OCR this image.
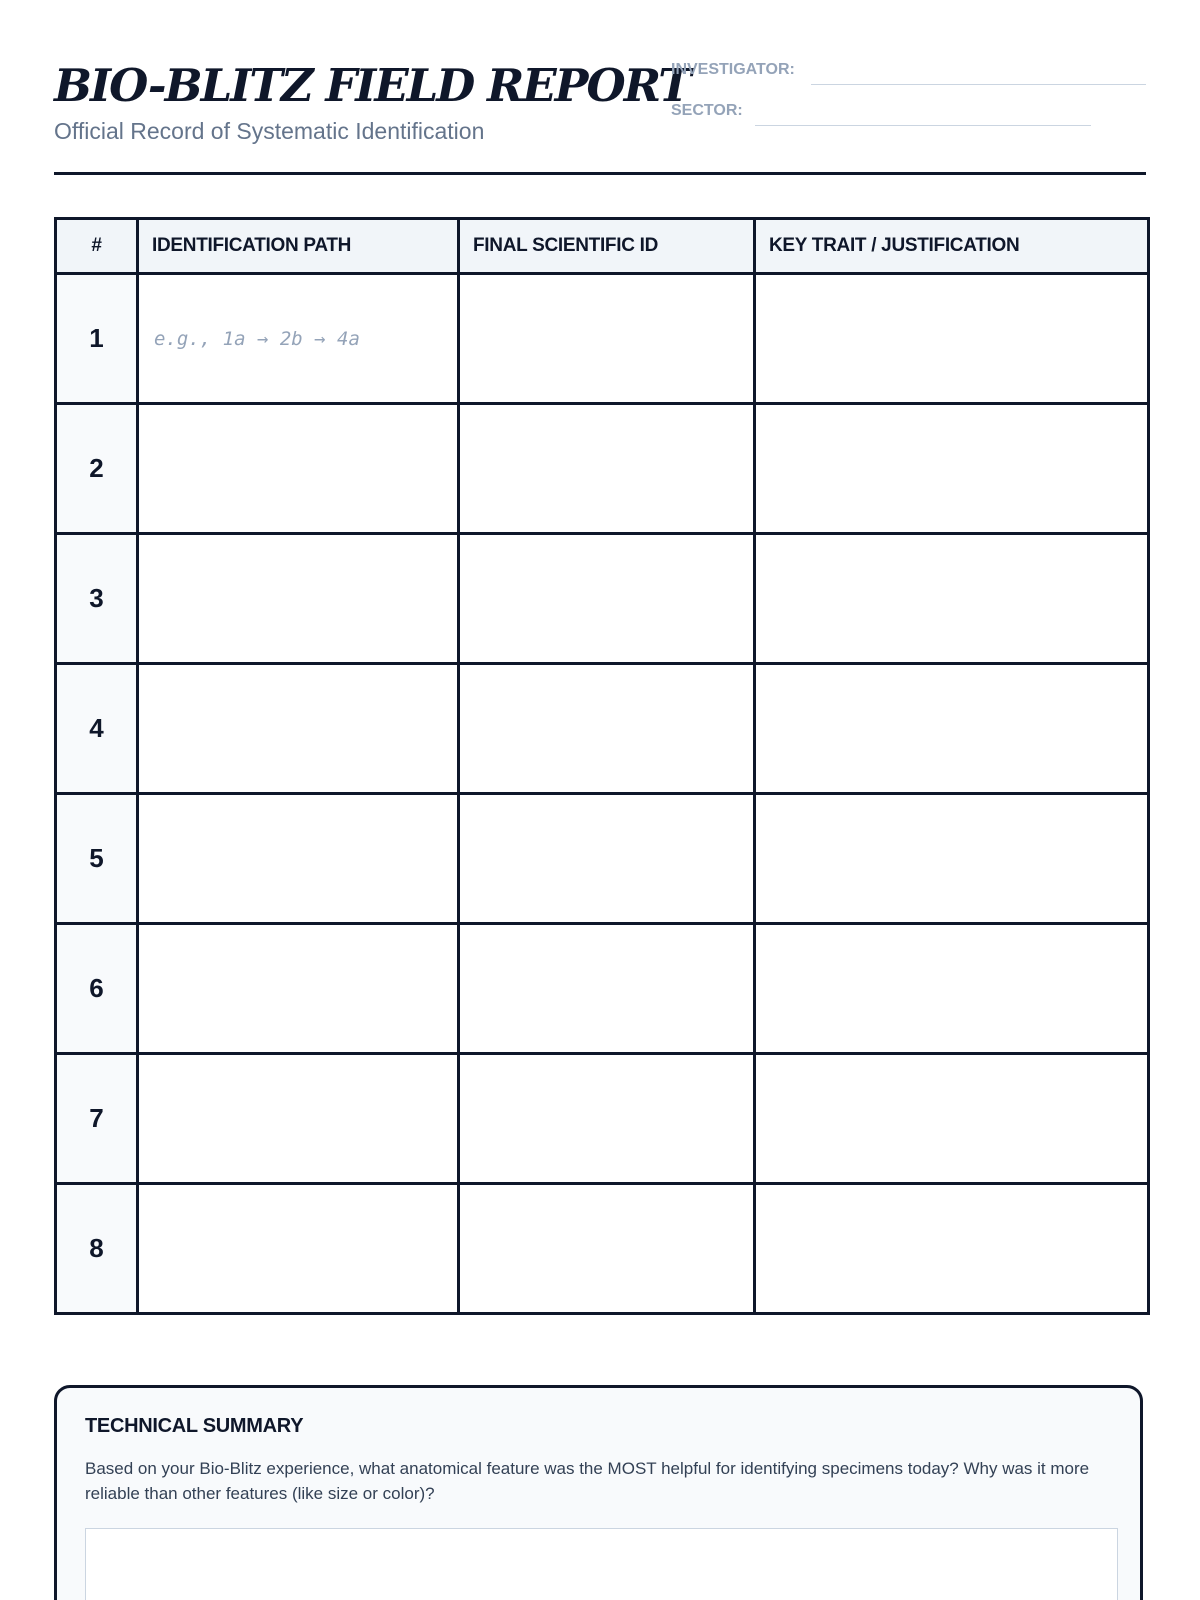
BIO-BLITZ FIELD REPORT
Official Record of Systematic Identification
INVESTIGATOR:
SECTOR:
#	IDENTIFICATION PATH	FINAL SCIENTIFIC ID	KEY TRAIT / JUSTIFICATION
1	e.g., 1a → 2b → 4a		
2			
3			
4			
5			
6			
7			
8			
TECHNICAL SUMMARY
Based on your Bio-Blitz experience, what anatomical feature was the MOST helpful for identifying specimens today? Why was it more reliable than other features (like size or color)?
